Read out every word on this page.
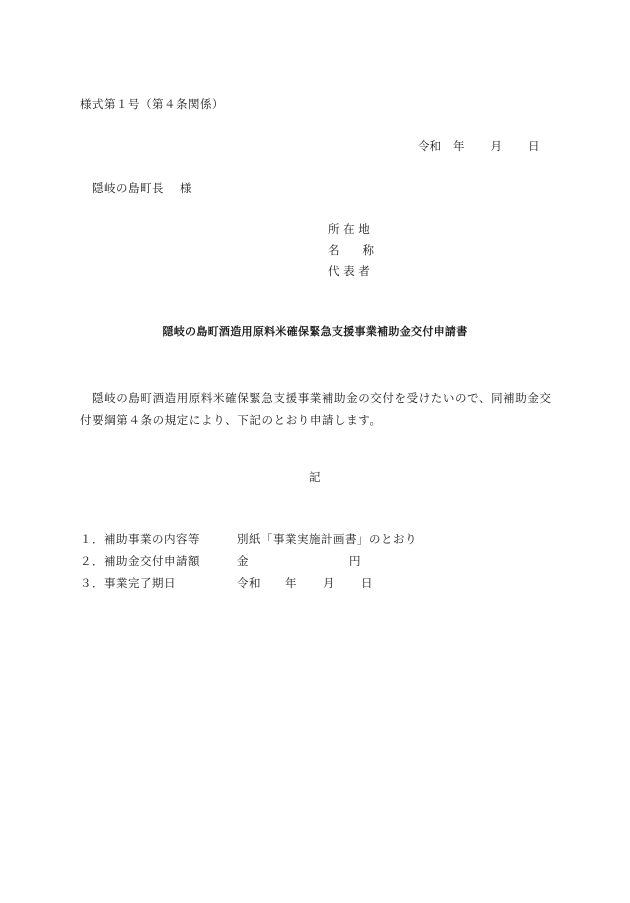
様式第１号（第４条関係）
令和 年 月 日
隠岐の島町長 様
所 在 地
名　　称
代 表 者
隠岐の島町酒造用原料米確保緊急支援事業補助金交付申請書
隠岐の島町酒造用原料米確保緊急支援事業補助金の交付を受けたいので、同補助金交付要綱第４条の規定により、下記のとおり申請します。
記
１．補助事業の内容等	別紙「事業実施計画書」のとおり
２．補助金交付申請額	金	円
３．事業完了期日	令和 年 月 日
